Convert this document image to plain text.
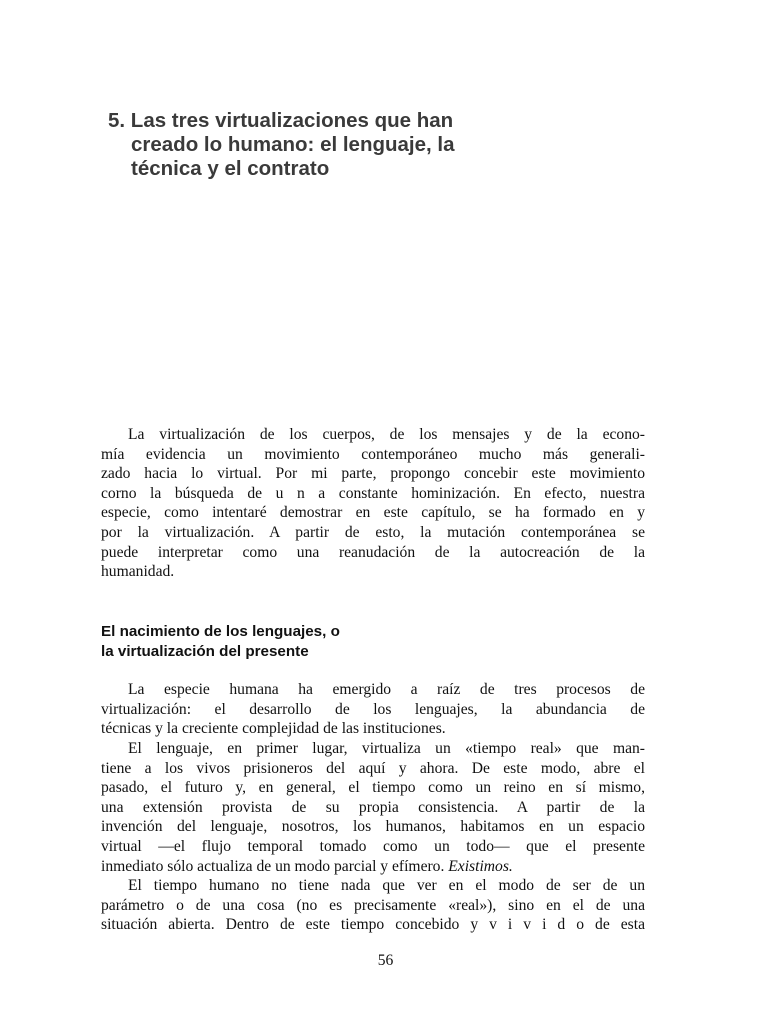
5. Las tres virtualizaciones que han
creado lo humano: el lenguaje, la
técnica y el contrato
La virtualización de los cuerpos, de los mensajes y de la econo-
mía evidencia un movimiento contemporáneo mucho más generali-
zado hacia lo virtual. Por mi parte, propongo concebir este movimiento
corno la búsqueda de u n a constante hominización. En efecto, nuestra
especie, como intentaré demostrar en este capítulo, se ha formado en y
por la virtualización. A partir de esto, la mutación contemporánea se
puede interpretar como una reanudación de la autocreación de la
humanidad.
El nacimiento de los lenguajes, o
la virtualización del presente
La especie humana ha emergido a raíz de tres procesos de
virtualización: el desarrollo de los lenguajes, la abundancia de
técnicas y la creciente complejidad de las instituciones.
El lenguaje, en primer lugar, virtualiza un «tiempo real» que man-
tiene a los vivos prisioneros del aquí y ahora. De este modo, abre el
pasado, el futuro y, en general, el tiempo como un reino en sí mismo,
una extensión provista de su propia consistencia. A partir de la
invención del lenguaje, nosotros, los humanos, habitamos en un espacio
virtual —el flujo temporal tomado como un todo— que el presente
inmediato sólo actualiza de un modo parcial y efímero. Existimos.
El tiempo humano no tiene nada que ver en el modo de ser de un
parámetro o de una cosa (no es precisamente «real»), sino en el de una
situación abierta. Dentro de este tiempo concebido y v i v i d o de esta
56
